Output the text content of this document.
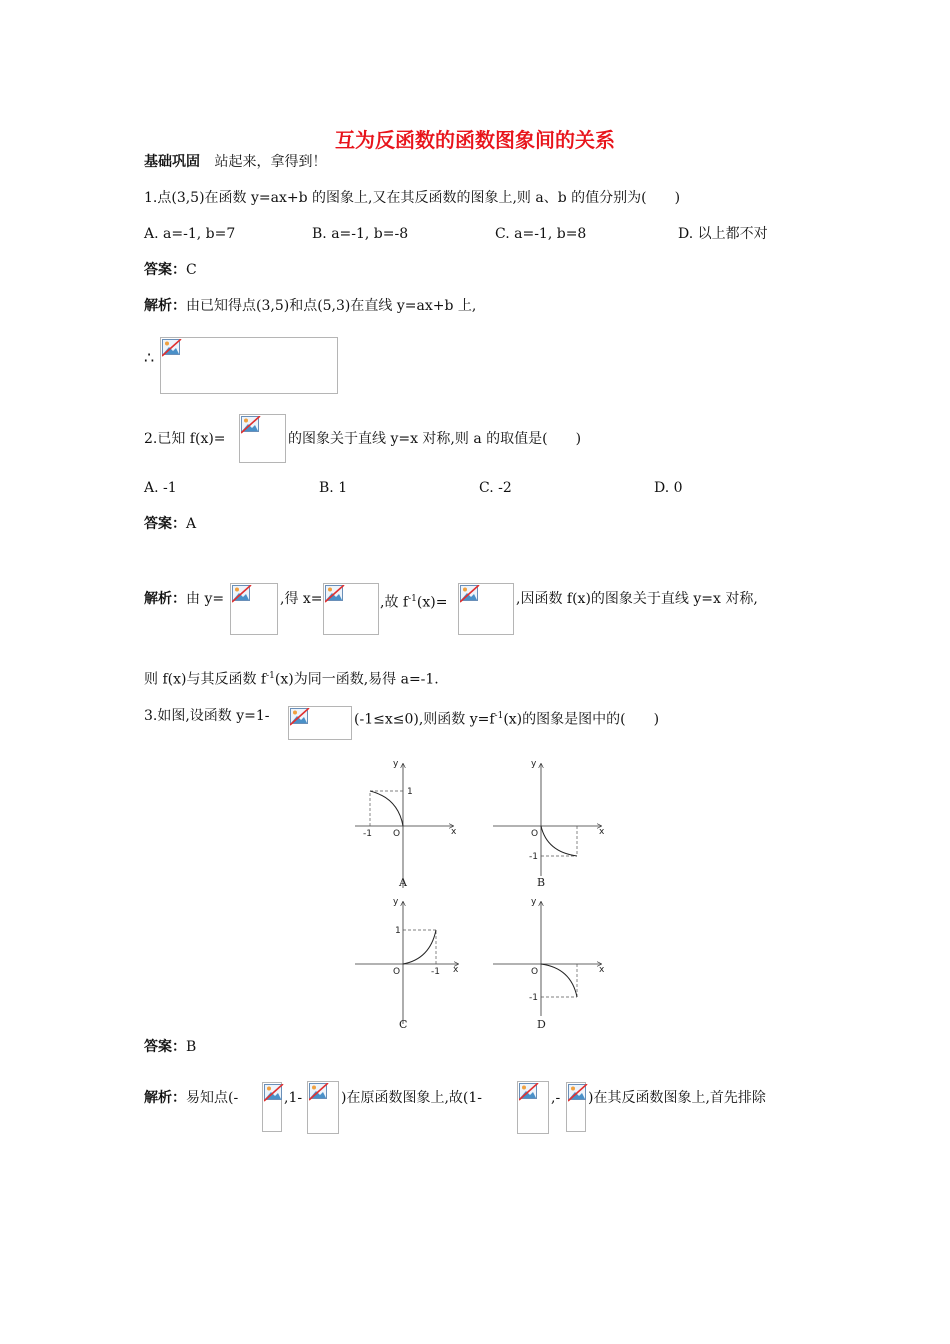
互为反函数的函数图象间的关系
基础巩固 站起来，拿得到！
1.点(3,5)在函数 y=ax+b 的图象上,又在其反函数的图象上,则 a、b 的值分别为(　　)
A. a=-1, b=7	B. a=-1, b=-8	C. a=-1, b=8	D. 以上都不对
答案：C
解析：由已知得点(3,5)和点(5,3)在直线 y=ax+b 上,
∴
2.已知 f(x)=	的图象关于直线 y=x 对称,则 a 的取值是(　　)
A. -1	B. 1	C. -2	D. 0
答案：A
解析：由 y=	,得 x=	,故 $f^{-1}(x)=$	,因函数 f(x)的图象关于直线 y=x 对称,
则 f(x)与其反函数 $f^{-1}(x)$为同一函数,易得 a=-1.
3.如图,设函数 y=1-	(-1≤x≤0),则函数 $y=f^{-1}(x)$的图象是图中的(　　)
x
y
O
-1
1
A
x
y
O
-1
B
x
y
O	-1
1
C
x
y
O
-1
D
答案：B
解析：易知点(-	,1-	)在原函数图象上,故(1-	,- )在其反函数图象上,首先排除
